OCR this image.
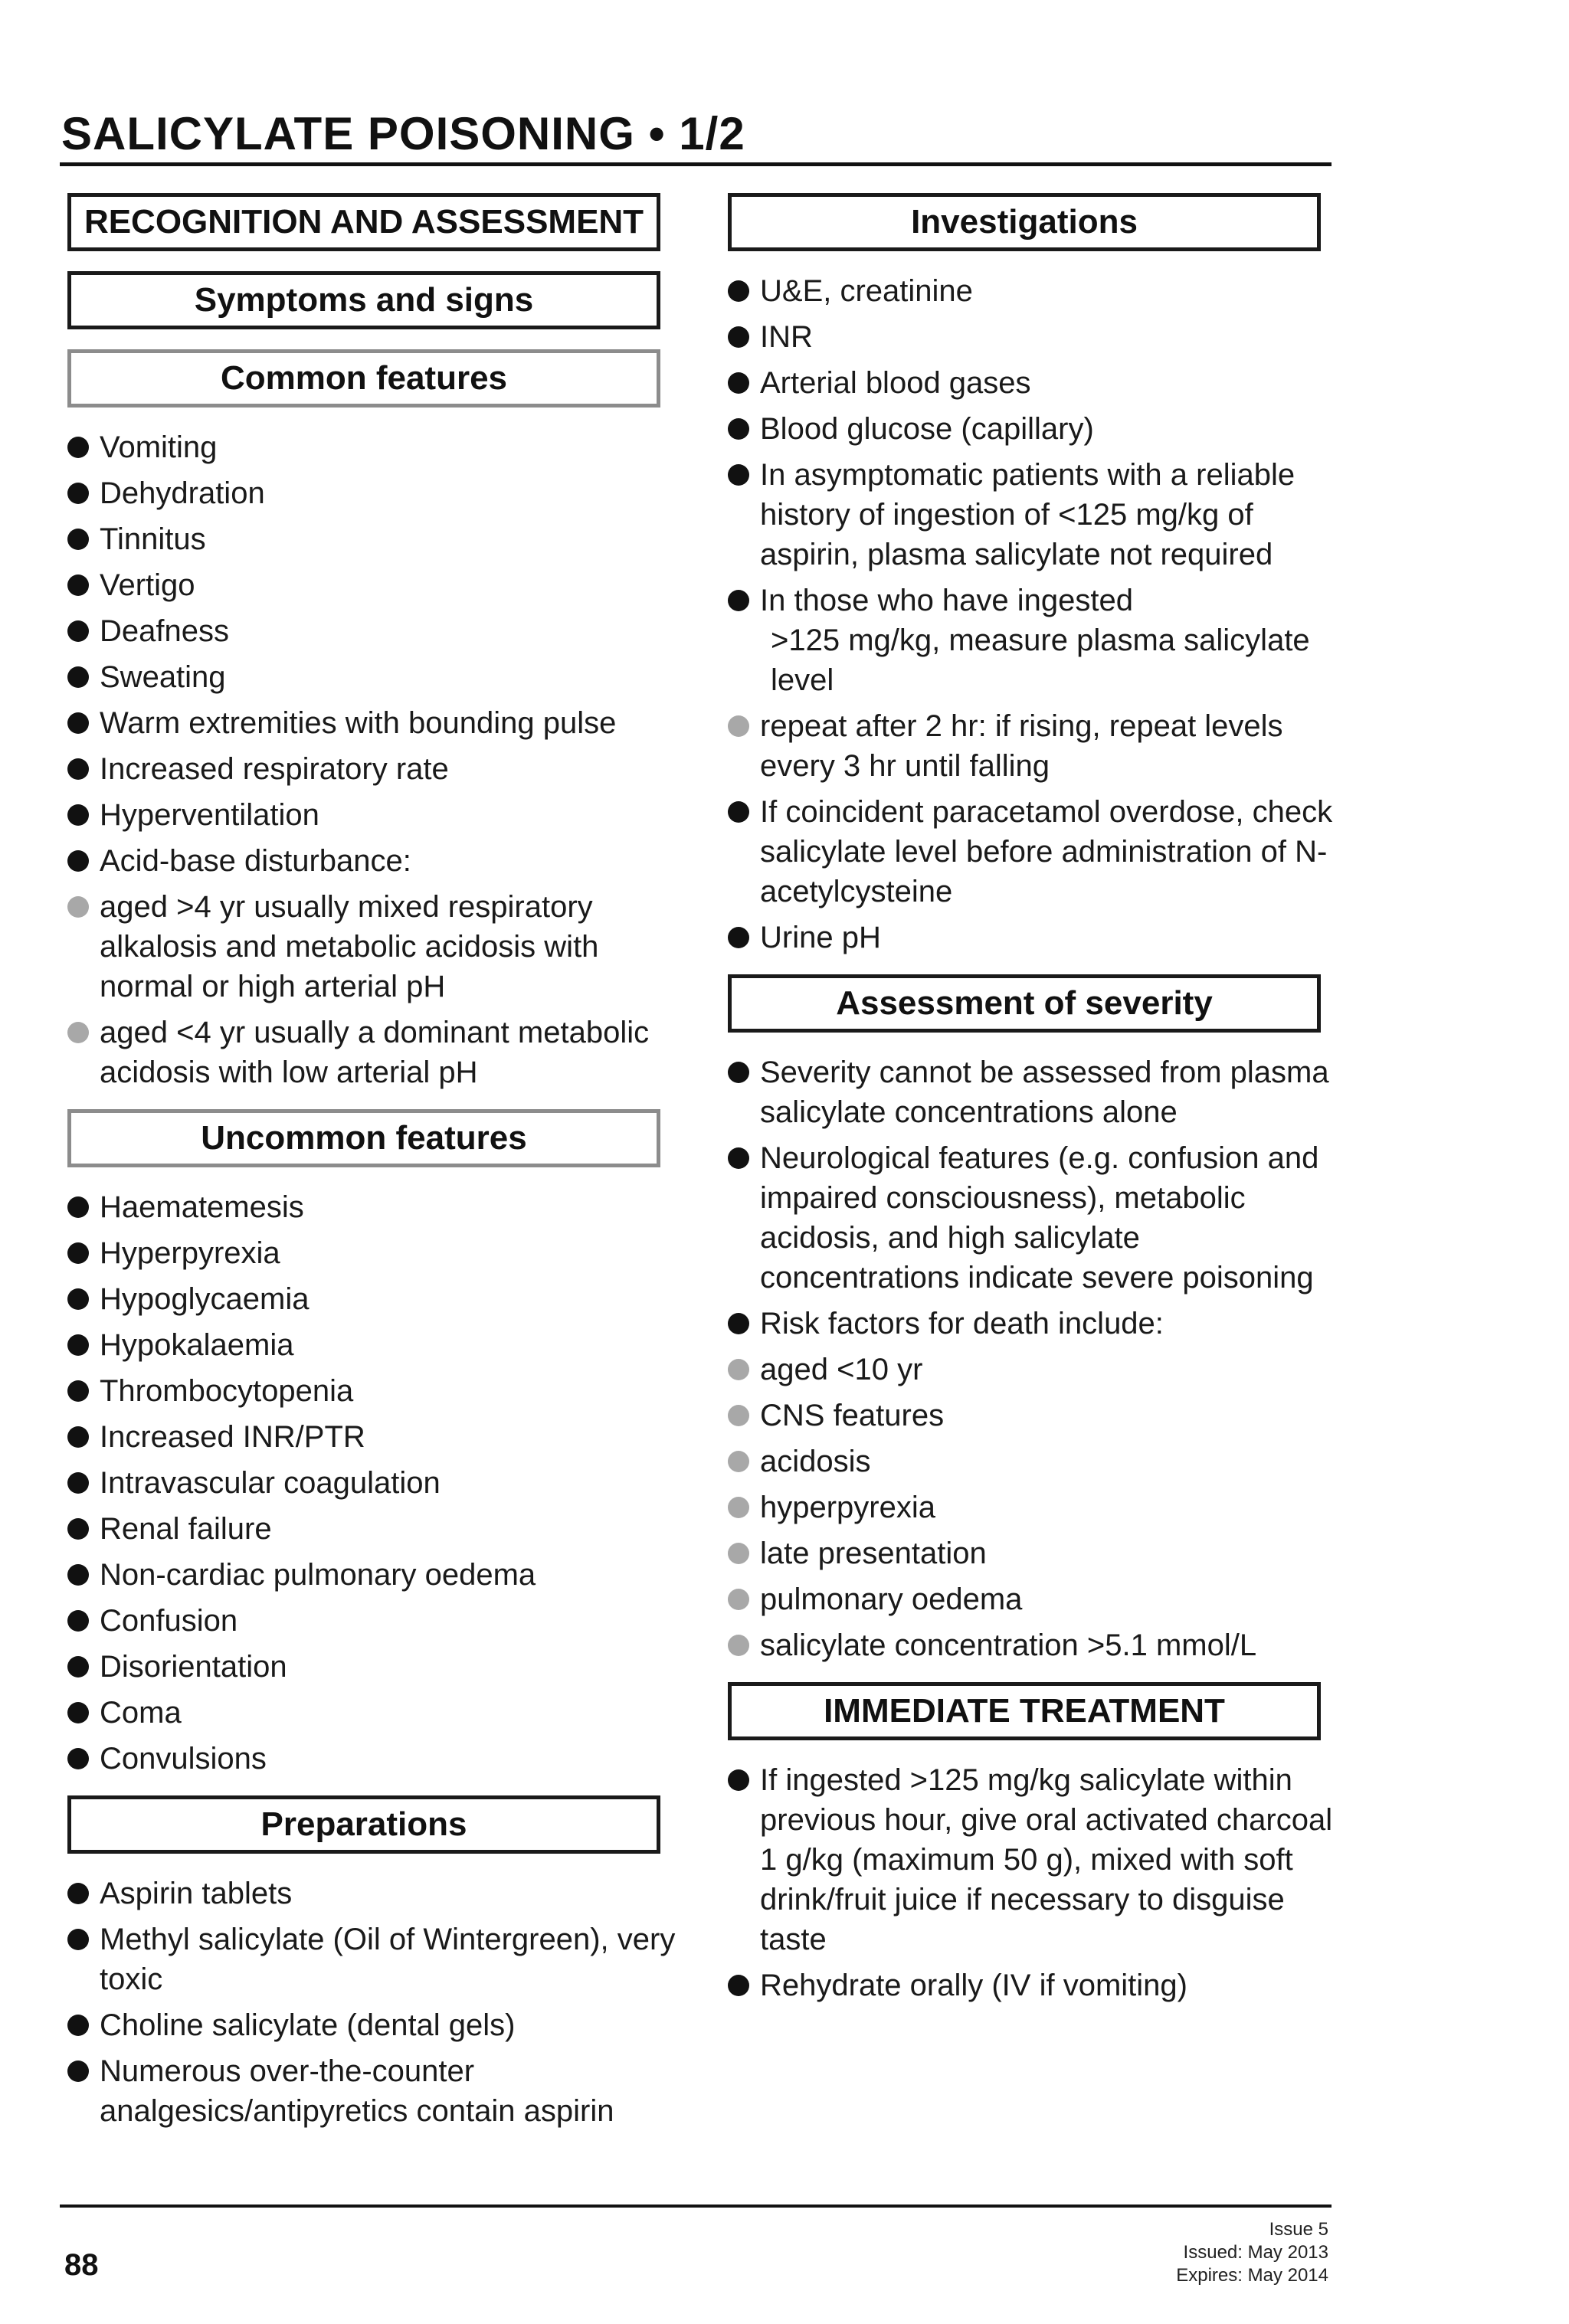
SALICYLATE POISONING • 1/2
RECOGNITION AND ASSESSMENT
Symptoms and signs
Common features
Vomiting
Dehydration
Tinnitus
Vertigo
Deafness
Sweating
Warm extremities with bounding pulse
Increased respiratory rate
Hyperventilation
Acid-base disturbance:
aged >4 yr usually mixed respiratory alkalosis and metabolic acidosis with normal or high arterial pH
aged <4 yr usually a dominant metabolic acidosis with low arterial pH
Uncommon features
Haematemesis
Hyperpyrexia
Hypoglycaemia
Hypokalaemia
Thrombocytopenia
Increased INR/PTR
Intravascular coagulation
Renal failure
Non-cardiac pulmonary oedema
Confusion
Disorientation
Coma
Convulsions
Preparations
Aspirin tablets
Methyl salicylate (Oil of Wintergreen), very toxic
Choline salicylate (dental gels)
Numerous over-the-counter analgesics/antipyretics contain aspirin
Investigations
U&E, creatinine
INR
Arterial blood gases
Blood glucose (capillary)
In asymptomatic patients with a reliable history of ingestion of <125 mg/kg of aspirin, plasma salicylate not required
In those who have ingested
>125 mg/kg, measure plasma salicylate level
repeat after 2 hr: if rising, repeat levels every 3 hr until falling
If coincident paracetamol overdose, check salicylate level before administration of N-acetylcysteine
Urine pH
Assessment of severity
Severity cannot be assessed from plasma salicylate concentrations alone
Neurological features (e.g. confusion and impaired consciousness), metabolic acidosis, and high salicylate concentrations indicate severe poisoning
Risk factors for death include:
aged <10 yr
CNS features
acidosis
hyperpyrexia
late presentation
pulmonary oedema
salicylate concentration >5.1 mmol/L
IMMEDIATE TREATMENT
If ingested >125 mg/kg salicylate within previous hour, give oral activated charcoal 1 g/kg (maximum 50 g), mixed with soft drink/fruit juice if necessary to disguise taste
Rehydrate orally (IV if vomiting)
88
Issue 5
Issued: May 2013
Expires: May 2014
